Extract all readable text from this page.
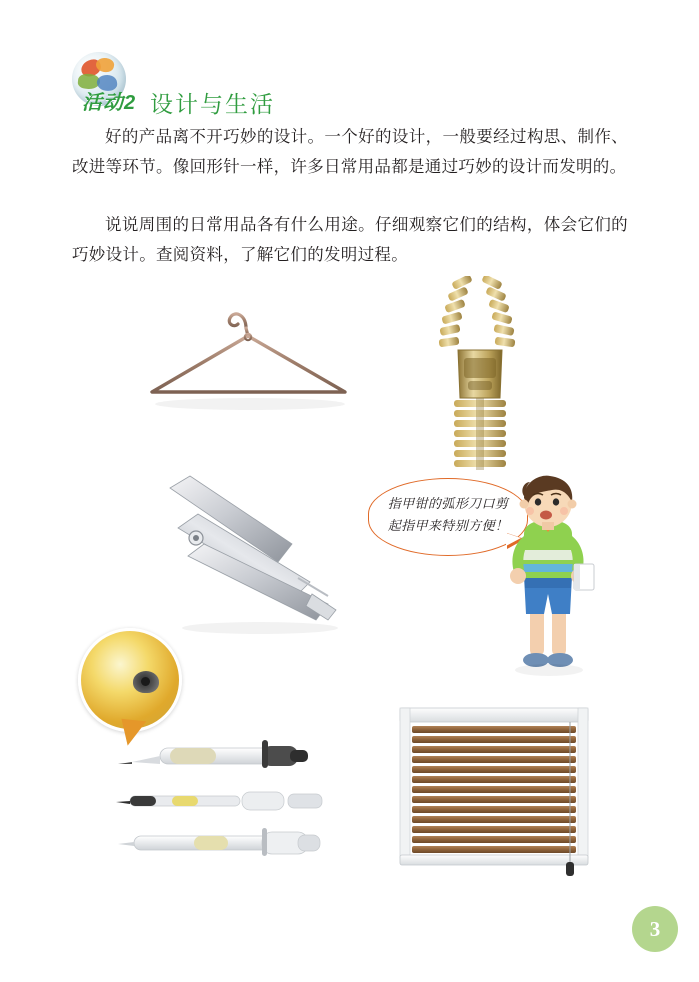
活动2 设计与生活
好的产品离不开巧妙的设计。一个好的设计，一般要经过构思、制作、改进等环节。像回形针一样，许多日常用品都是通过巧妙的设计而发明的。
说说周围的日常用品各有什么用途。仔细观察它们的结构，体会它们的巧妙设计。查阅资料，了解它们的发明过程。
指甲钳的弧形刀口剪起指甲来特别方便！
3
